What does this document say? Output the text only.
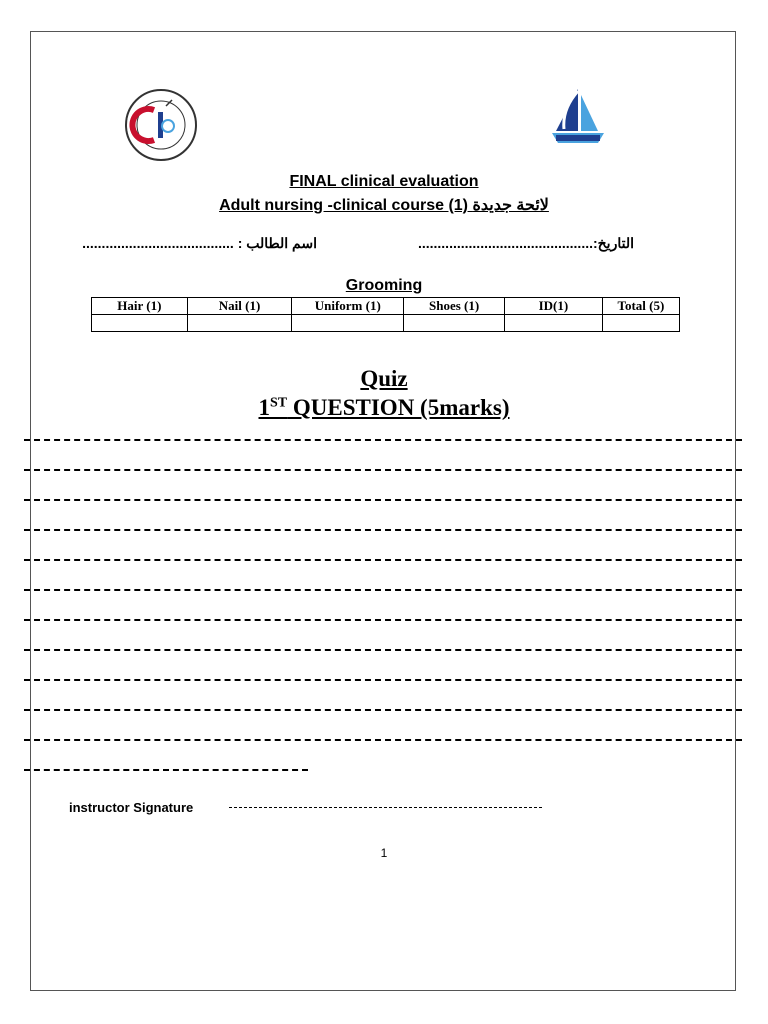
FINAL clinical evaluation
Adult nursing -clinical course (1) لائحة جديدة
التاريخ:.............................................
اسم الطالب : .......................................
Grooming
Hair (1)	Nail (1)	Uniform (1)	Shoes (1)	ID(1)	Total (5)

Quiz
1ST QUESTION (5marks)
instructor Signature
1
